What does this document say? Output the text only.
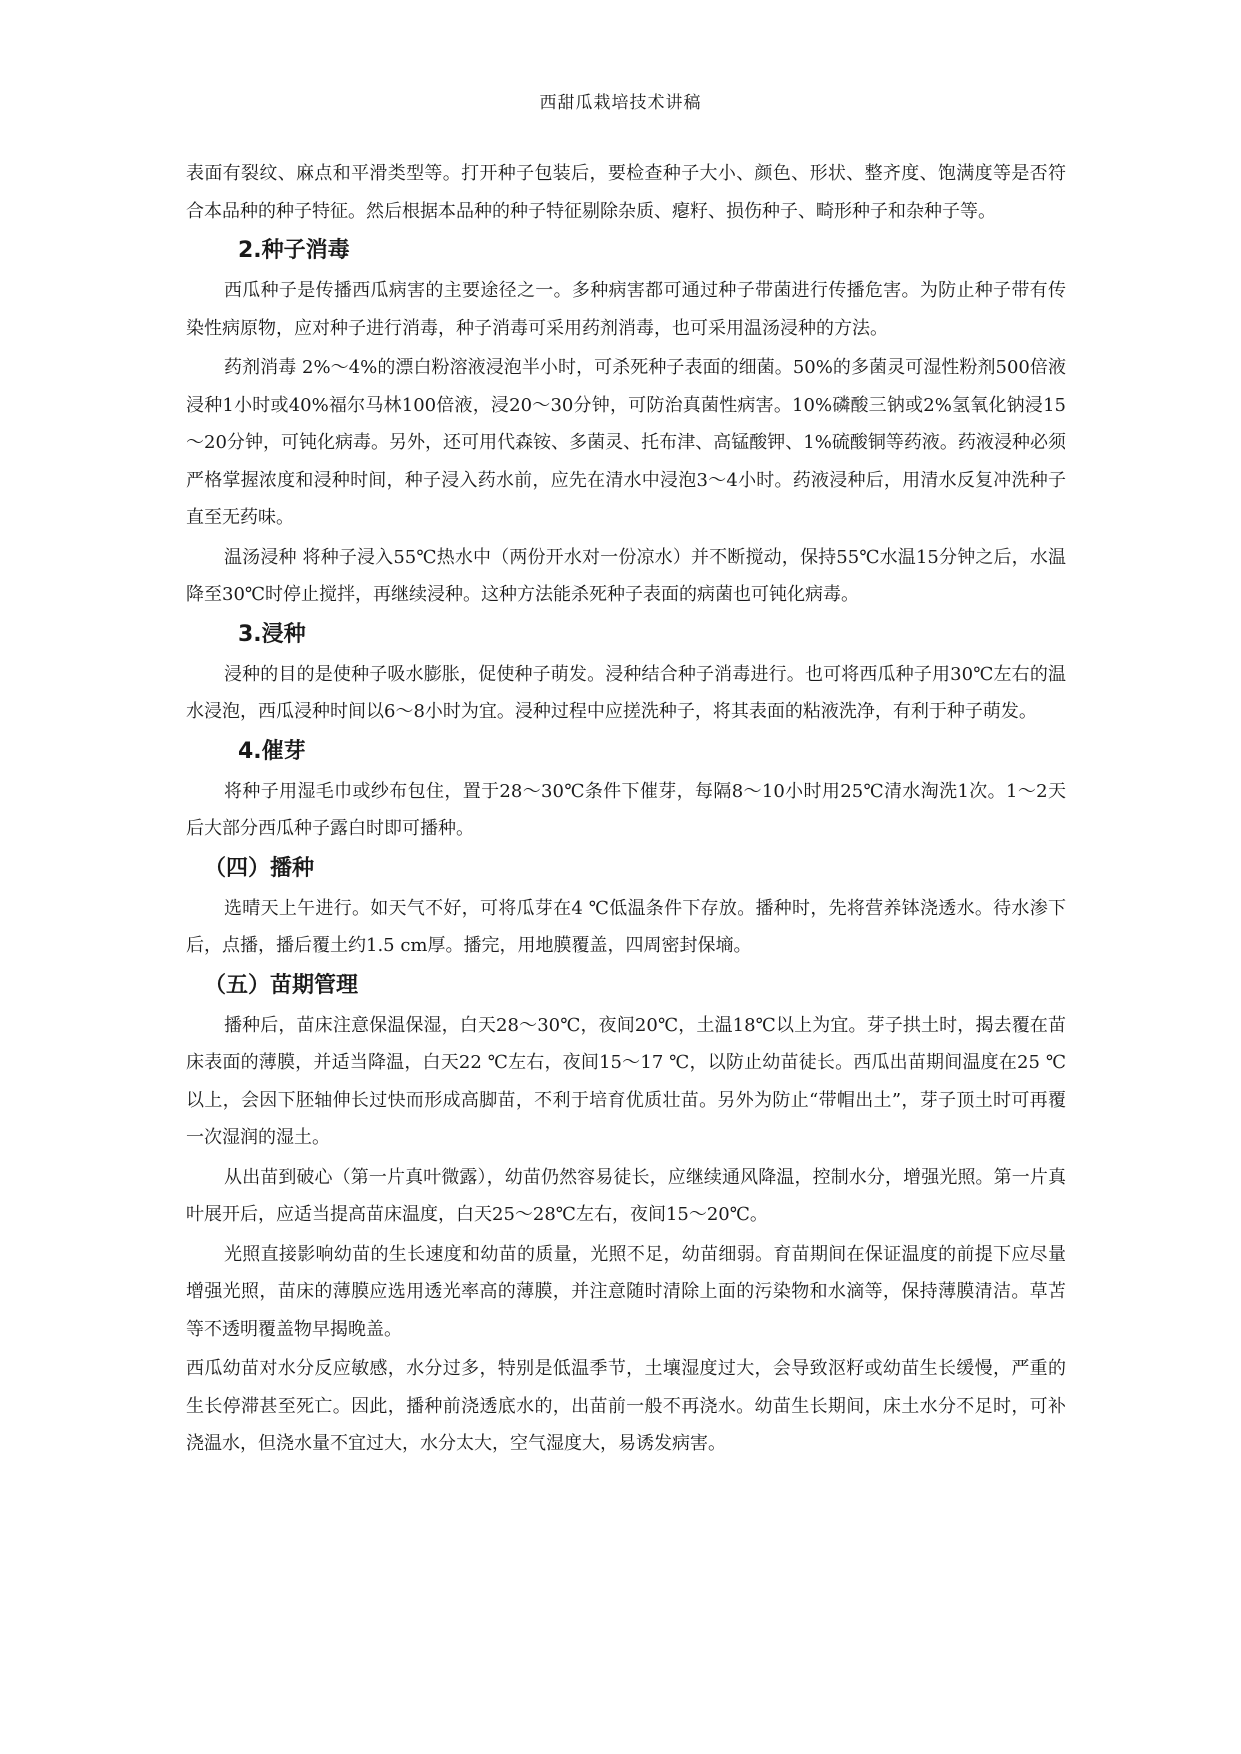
西甜瓜栽培技术讲稿

表面有裂纹、麻点和平滑类型等。打开种子包装后，要检查种子大小、颜色、形状、整齐度、饱满度等是否符合本品种的种子特征。然后根据本品种的种子特征剔除杂质、瘪籽、损伤种子、畸形种子和杂种子等。

2.种子消毒

西瓜种子是传播西瓜病害的主要途径之一。多种病害都可通过种子带菌进行传播危害。为防止种子带有传染性病原物，应对种子进行消毒，种子消毒可采用药剂消毒，也可采用温汤浸种的方法。

药剂消毒 2%～4%的漂白粉溶液浸泡半小时，可杀死种子表面的细菌。50%的多菌灵可湿性粉剂500倍液浸种1小时或40%福尔马林100倍液，浸20～30分钟，可防治真菌性病害。10%磷酸三钠或2%氢氧化钠浸15～20分钟，可钝化病毒。另外，还可用代森铵、多菌灵、托布津、高锰酸钾、1%硫酸铜等药液。药液浸种必须严格掌握浓度和浸种时间，种子浸入药水前，应先在清水中浸泡3～4小时。药液浸种后，用清水反复冲洗种子直至无药味。

温汤浸种 将种子浸入55℃热水中（两份开水对一份凉水）并不断搅动，保持55℃水温15分钟之后，水温降至30℃时停止搅拌，再继续浸种。这种方法能杀死种子表面的病菌也可钝化病毒。

3.浸种

浸种的目的是使种子吸水膨胀，促使种子萌发。浸种结合种子消毒进行。也可将西瓜种子用30℃左右的温水浸泡，西瓜浸种时间以6～8小时为宜。浸种过程中应搓洗种子，将其表面的粘液洗净，有利于种子萌发。

4.催芽

将种子用湿毛巾或纱布包住，置于28～30℃条件下催芽，每隔8～10小时用25℃清水淘洗1次。1～2天后大部分西瓜种子露白时即可播种。

（四）播种

选晴天上午进行。如天气不好，可将瓜芽在4 ℃低温条件下存放。播种时，先将营养钵浇透水。待水渗下后，点播，播后覆土约1.5 cm厚。播完，用地膜覆盖，四周密封保墒。

（五）苗期管理

播种后，苗床注意保温保湿，白天28～30℃，夜间20℃，土温18℃以上为宜。芽子拱土时，揭去覆在苗床表面的薄膜，并适当降温，白天22 ℃左右，夜间15～17 ℃，以防止幼苗徒长。西瓜出苗期间温度在25 ℃以上，会因下胚轴伸长过快而形成高脚苗，不利于培育优质壮苗。另外为防止“带帽出土”，芽子顶土时可再覆一次湿润的湿土。

从出苗到破心（第一片真叶微露），幼苗仍然容易徒长，应继续通风降温，控制水分，增强光照。第一片真叶展开后，应适当提高苗床温度，白天25～28℃左右，夜间15～20℃。

光照直接影响幼苗的生长速度和幼苗的质量，光照不足，幼苗细弱。育苗期间在保证温度的前提下应尽量增强光照，苗床的薄膜应选用透光率高的薄膜，并注意随时清除上面的污染物和水滴等，保持薄膜清洁。草苫等不透明覆盖物早揭晚盖。

西瓜幼苗对水分反应敏感，水分过多，特别是低温季节，土壤湿度过大，会导致沤籽或幼苗生长缓慢，严重的生长停滞甚至死亡。因此，播种前浇透底水的，出苗前一般不再浇水。幼苗生长期间，床土水分不足时，可补浇温水，但浇水量不宜过大，水分太大，空气湿度大，易诱发病害。
